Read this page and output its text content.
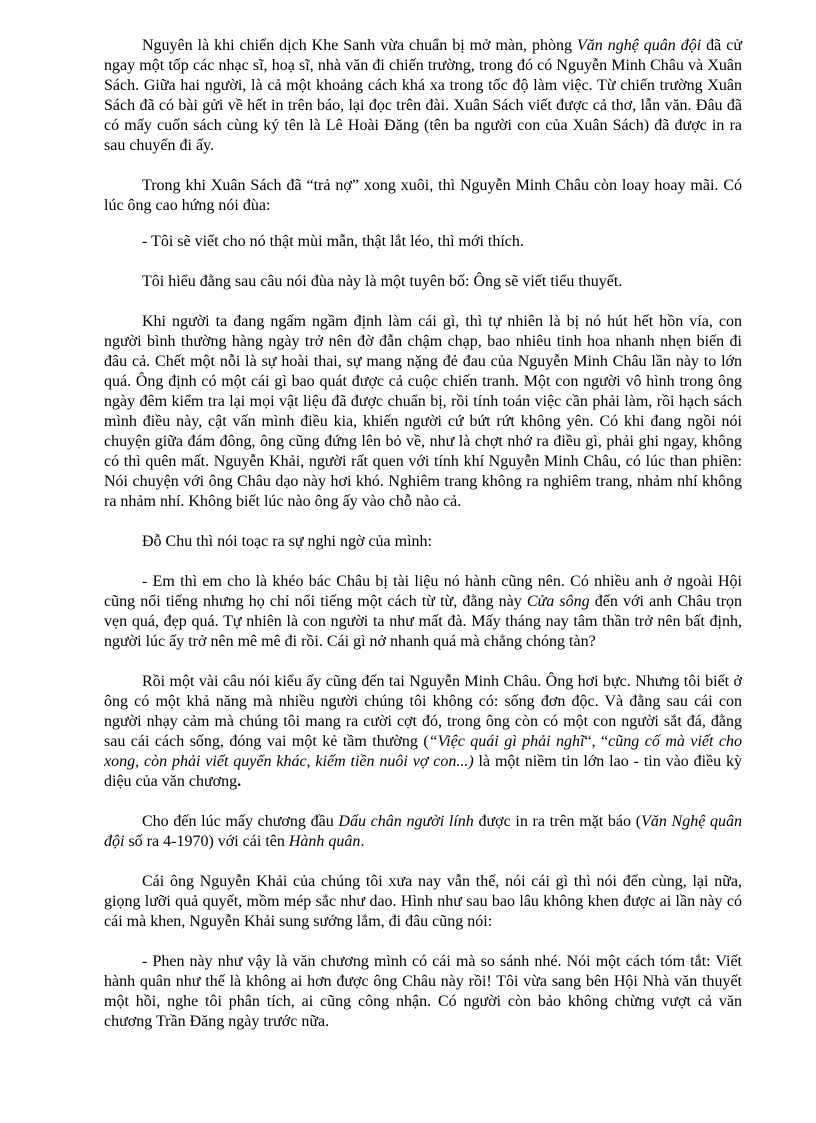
Nguyên là khi chiến dịch Khe Sanh vừa chuẩn bị mở màn, phòng Văn nghệ quân đội đã cử ngay một tốp các nhạc sĩ, hoạ sĩ, nhà văn đi chiến trường, trong đó có Nguyễn Minh Châu và Xuân Sách. Giữa hai người, là cả một khoảng cách khá xa trong tốc độ làm việc. Từ chiến trường Xuân Sách đã có bài gửi về hết in trên báo, lại đọc trên đài. Xuân Sách viết được cả thơ, lẫn văn. Đâu đã có mấy cuốn sách cùng ký tên là Lê Hoài Đăng (tên ba người con của Xuân Sách) đã được in ra sau chuyến đi ấy.

Trong khi Xuân Sách đã “trả nợ” xong xuôi, thì Nguyễn Minh Châu còn loay hoay mãi. Có lúc ông cao hứng nói đùa:

- Tôi sẽ viết cho nó thật mùi mẫn, thật lắt léo, thì mới thích.

Tôi hiểu đằng sau câu nói đùa này là một tuyên bố: Ông sẽ viết tiểu thuyết.

Khi người ta đang ngấm ngầm định làm cái gì, thì tự nhiên là bị nó hút hết hồn vía, con người bình thường hàng ngày trở nên đờ đẫn chậm chạp, bao nhiêu tinh hoa nhanh nhẹn biến đi đâu cả. Chết một nỗi là sự hoài thai, sự mang nặng đẻ đau của Nguyễn Minh Châu lần này to lớn quá. Ông định có một cái gì bao quát được cả cuộc chiến tranh. Một con người vô hình trong ông ngày đêm kiểm tra lại mọi vật liệu đã được chuẩn bị, rồi tính toán việc cần phải làm, rồi hạch sách mình điều này, cật vấn mình điều kia, khiến người cứ bứt rứt không yên. Có khi đang ngồi nói chuyện giữa đám đông, ông cũng đứng lên bỏ về, như là chợt nhớ ra điều gì, phải ghi ngay, không có thì quên mất. Nguyễn Khải, người rất quen với tính khí Nguyễn Minh Châu, có lúc than phiền: Nói chuyện với ông Châu dạo này hơi khó. Nghiêm trang không ra nghiêm trang, nhảm nhí không ra nhảm nhí. Không biết lúc nào ông ấy vào chỗ nào cả.

Đỗ Chu thì nói toạc ra sự nghi ngờ của mình:

- Em thì em cho là khéo bác Châu bị tài liệu nó hành cũng nên. Có nhiều anh ở ngoài Hội cũng nổi tiếng nhưng họ chỉ nổi tiếng một cách từ từ, đằng này Cửa sông đến với anh Châu trọn vẹn quá, đẹp quá. Tự nhiên là con người ta như mất đà. Mấy tháng nay tâm thần trở nên bất định, người lúc ấy trở nên mê mê đi rồi. Cái gì nở nhanh quá mà chẳng chóng tàn?

Rồi một vài câu nói kiểu ấy cũng đến tai Nguyễn Minh Châu. Ông hơi bực. Nhưng tôi biết ở ông có một khả năng mà nhiều người chúng tôi không có: sống đơn độc. Và đằng sau cái con người nhạy cảm mà chúng tôi mang ra cười cợt đó, trong ông còn có một con người sắt đá, đằng sau cái cách sống, đóng vai một kẻ tầm thường (“Việc quái gì phải nghĩ“, “cũng cố mà viết cho xong, còn phải viết quyển khác, kiếm tiền nuôi vợ con...) là một niềm tin lớn lao - tin vào điều kỳ diệu của văn chương.

Cho đến lúc mấy chương đầu Dấu chân người lính được in ra trên mặt báo (Văn Nghệ quân đội số ra 4-1970) với cái tên Hành quân.

Cái ông Nguyễn Khải của chúng tôi xưa nay vẫn thế, nói cái gì thì nói đến cùng, lại nữa, giọng lưỡi quả quyết, mồm mép sắc như dao. Hình như sau bao lâu không khen được ai lần này có cái mà khen, Nguyễn Khải sung sướng lắm, đi đâu cũng nói:

- Phen này như vậy là văn chương mình có cái mà so sánh nhé. Nói một cách tóm tắt: Viết hành quân như thế là không ai hơn được ông Châu này rồi! Tôi vừa sang bên Hội Nhà văn thuyết một hồi, nghe tôi phân tích, ai cũng công nhận. Có người còn bảo không chừng vượt cả văn chương Trần Đăng ngày trước nữa.
